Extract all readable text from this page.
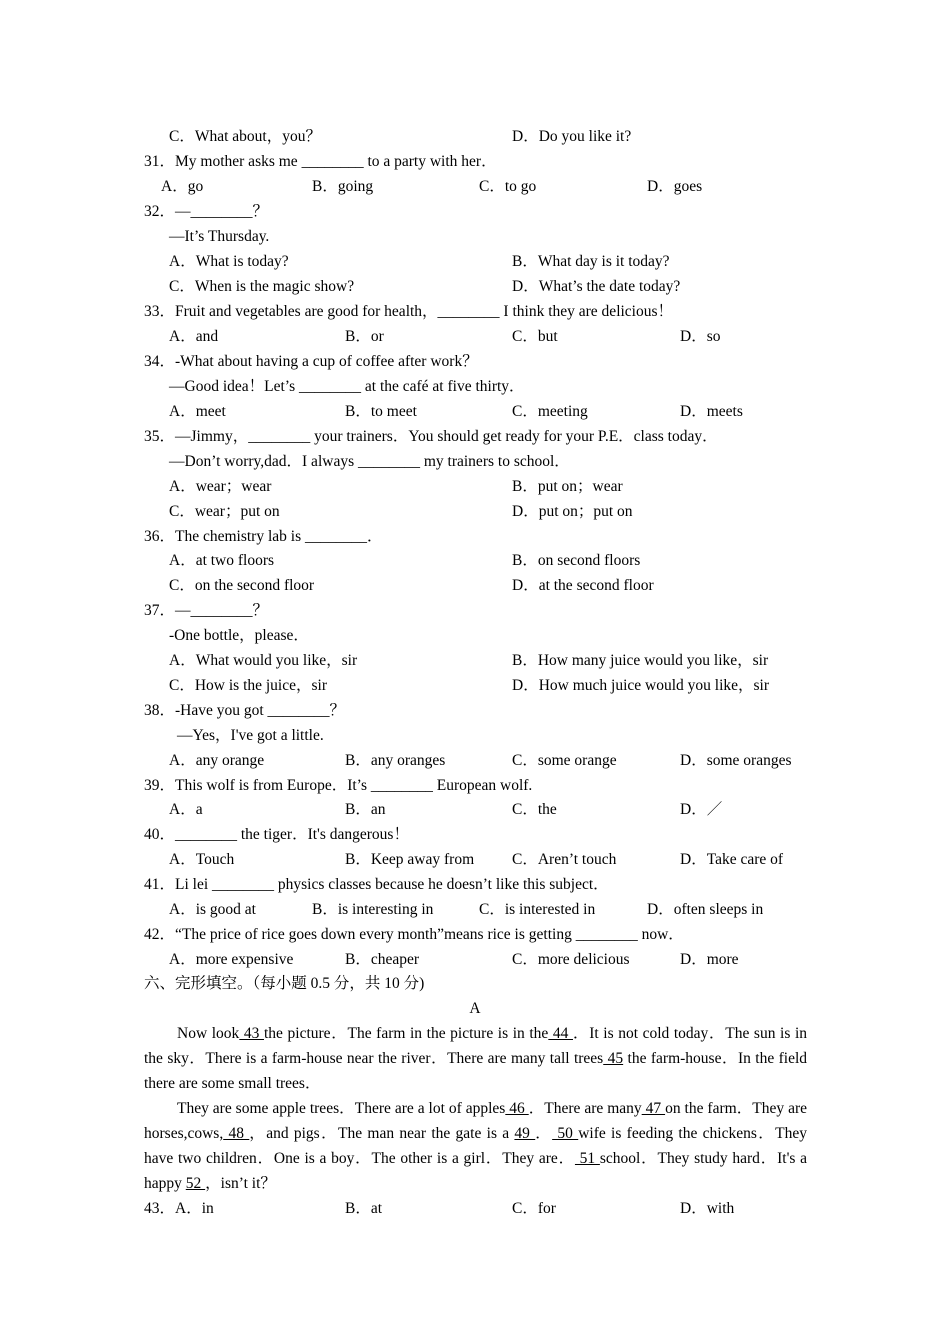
C．What about，you？	D．Do you like it?
31．My mother asks me ________ to a party with her．
A．go	B．going	C．to go	D．goes
32．—________？
—It’s Thursday.
A．What is today?	B．What day is it today?
C．When is the magic show?	D．What’s the date today?
33．Fruit and vegetables are good for health，________ I think they are delicious！
A．and	B．or	C．but	D．so
34．-What about having a cup of coffee after work？
—Good idea！Let’s ________ at the café at five thirty．
A．meet	B．to meet	C．meeting	D．meets
35．—Jimmy，________ your trainers．You should get ready for your P.E．class today．
—Don’t worry,dad．I always ________ my trainers to school．
A．wear；wear	B．put on；wear
C．wear；put on	D．put on；put on
36．The chemistry lab is ________．
A．at two floors	B．on second floors
C．on the second floor	D．at the second floor
37．—________？
-One bottle，please．
A．What would you like，sir	B．How many juice would you like，sir
C．How is the juice，sir	D．How much juice would you like，sir
38．-Have you got ________？
—Yes，I've got a little.
A．any orange	B．any oranges	C．some orange	D．some oranges
39．This wolf is from Europe．It’s ________ European wolf.
A．a	B．an	C．the	D．／
40．________ the tiger．It's dangerous！
A．Touch	B．Keep away from C．Aren’t touch	D．Take care of
41．Li lei ________ physics classes because he doesn’t like this subject．
A．is good at	B．is interesting in	C．is interested in	D．often sleeps in
42．“The price of rice goes down every month”means rice is getting ________ now．
A．more expensive	B．cheaper	C．more delicious	D．more
六、完形填空。（每小题 0.5 分，共 10 分)
A

Now look 43 the picture．The farm in the picture is in the 44 ．It is not cold today．The sun is in the sky．There is a farm-house near the river．There are many tall trees 45 the farm-house．In the field there are some small trees．

They are some apple trees．There are a lot of apples 46 ．There are many 47 on the farm．They are horses,cows, 48 ，and pigs．The man near the gate is a 49 ． 50 wife is feeding the chickens．They have two children．One is a boy．The other is a girl．They are． 51 school．They study hard．It's a happy 52 ，isn’t it？

43．A．in	B．at	C．for	D．with
